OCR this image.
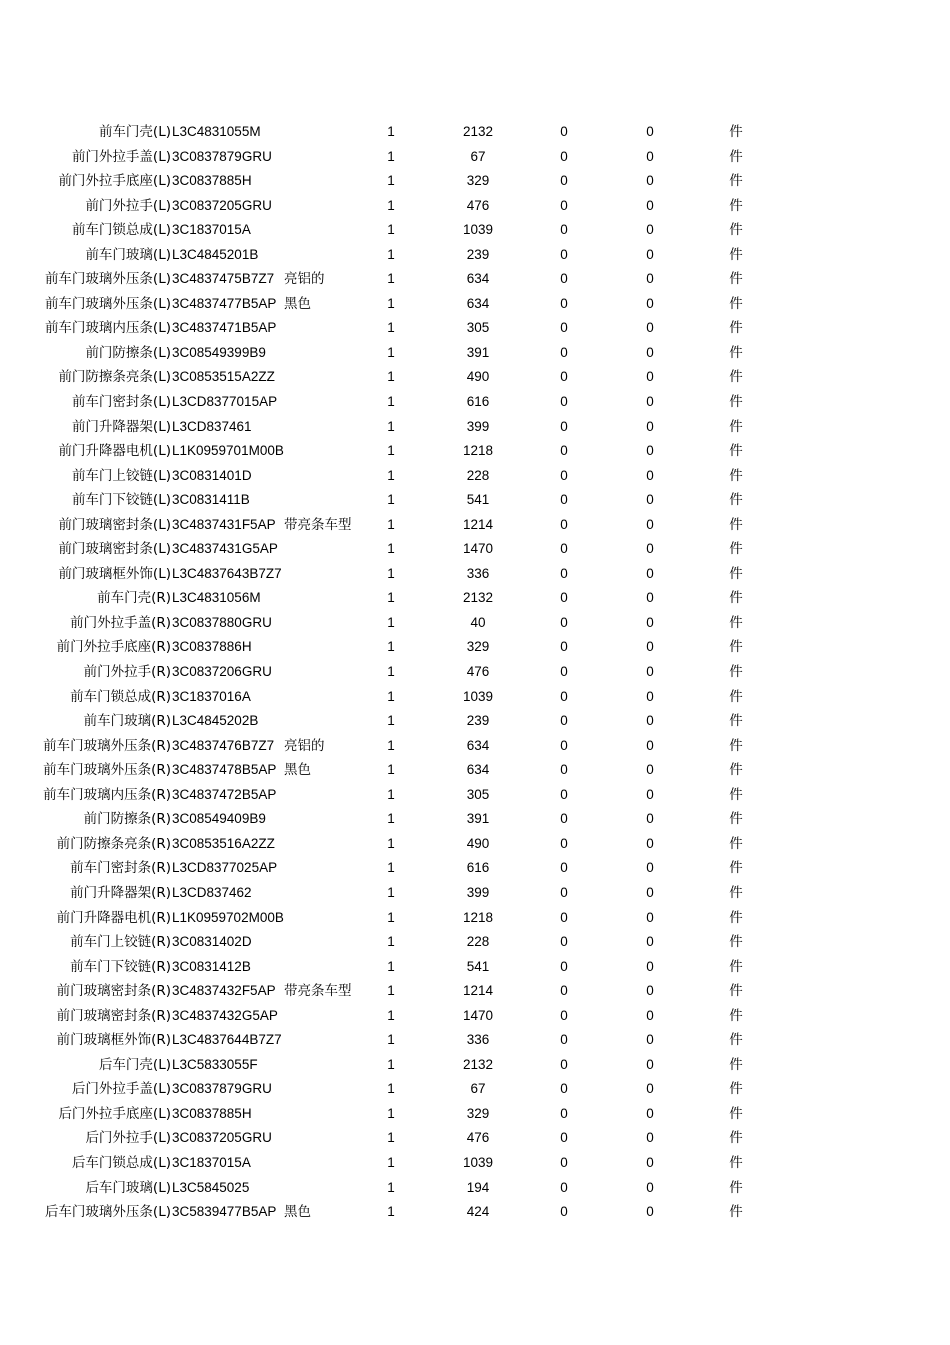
前车门壳(L) L3C4831055M	1	2132	0	0	件
前门外拉手盖(L) 3C0837879GRU	1	67	0	0	件
前门外拉手底座(L) 3C0837885H	1	329	0	0	件
前门外拉手(L) 3C0837205GRU	1	476	0	0	件
前车门锁总成(L) 3C1837015A	1	1039	0	0	件
前车门玻璃(L) L3C4845201B	1	239	0	0	件
前车门玻璃外压条(L) 3C4837475B7Z7 亮铝的	1	634	0	0	件
前车门玻璃外压条(L) 3C4837477B5AP 黑色	1	634	0	0	件
前车门玻璃内压条(L) 3C4837471B5AP	1	305	0	0	件
前门防擦条(L) 3C08549399B9	1	391	0	0	件
前门防擦条亮条(L) 3C0853515A2ZZ	1	490	0	0	件
前车门密封条(L) L3CD8377015AP	1	616	0	0	件
前门升降器架(L) L3CD837461	1	399	0	0	件
前门升降器电机(L) L1K0959701M00B	1	1218	0	0	件
前车门上铰链(L) 3C0831401D	1	228	0	0	件
前车门下铰链(L) 3C0831411B	1	541	0	0	件
前门玻璃密封条(L) 3C4837431F5AP 带亮条车型	1	1214	0	0	件
前门玻璃密封条(L) 3C4837431G5AP	1	1470	0	0	件
前门玻璃框外饰(L) L3C4837643B7Z7	1	336	0	0	件
前车门壳(R) L3C4831056M	1	2132	0	0	件
前门外拉手盖(R) 3C0837880GRU	1	40	0	0	件
前门外拉手底座(R) 3C0837886H	1	329	0	0	件
前门外拉手(R) 3C0837206GRU	1	476	0	0	件
前车门锁总成(R) 3C1837016A	1	1039	0	0	件
前车门玻璃(R) L3C4845202B	1	239	0	0	件
前车门玻璃外压条(R) 3C4837476B7Z7 亮铝的	1	634	0	0	件
前车门玻璃外压条(R) 3C4837478B5AP 黑色	1	634	0	0	件
前车门玻璃内压条(R) 3C4837472B5AP	1	305	0	0	件
前门防擦条(R) 3C08549409B9	1	391	0	0	件
前门防擦条亮条(R) 3C0853516A2ZZ	1	490	0	0	件
前车门密封条(R) L3CD8377025AP	1	616	0	0	件
前门升降器架(R) L3CD837462	1	399	0	0	件
前门升降器电机(R) L1K0959702M00B	1	1218	0	0	件
前车门上铰链(R) 3C0831402D	1	228	0	0	件
前车门下铰链(R) 3C0831412B	1	541	0	0	件
前门玻璃密封条(R) 3C4837432F5AP 带亮条车型	1	1214	0	0	件
前门玻璃密封条(R) 3C4837432G5AP	1	1470	0	0	件
前门玻璃框外饰(R) L3C4837644B7Z7	1	336	0	0	件
后车门壳(L) L3C5833055F	1	2132	0	0	件
后门外拉手盖(L) 3C0837879GRU	1	67	0	0	件
后门外拉手底座(L) 3C0837885H	1	329	0	0	件
后门外拉手(L) 3C0837205GRU	1	476	0	0	件
后车门锁总成(L) 3C1837015A	1	1039	0	0	件
后车门玻璃(L) L3C5845025	1	194	0	0	件
后车门玻璃外压条(L) 3C5839477B5AP 黑色	1	424	0	0	件
